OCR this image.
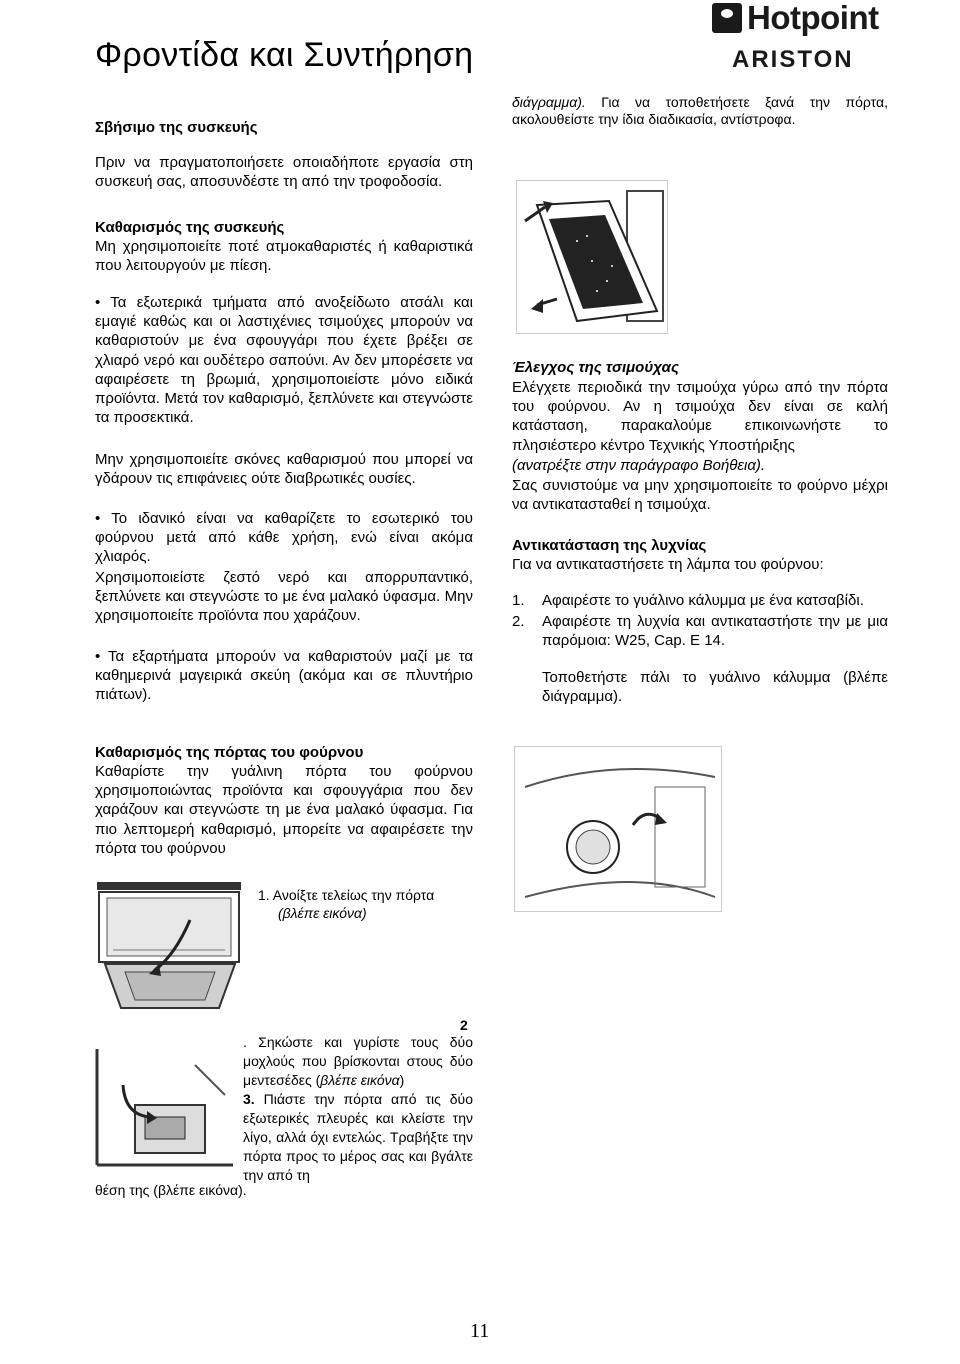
Φροντίδα και Συντήρηση
Hotpoint
ARISTON
Σβήσιμο της συσκευής
Πριν να πραγματοποιήσετε οποιαδήποτε εργασία στη συσκευή σας, αποσυνδέστε τη από την τροφοδοσία.
Καθαρισμός της συσκευής
Μη χρησιμοποιείτε ποτέ ατμοκαθαριστές ή καθαριστικά που λειτουργούν με πίεση.
• Τα εξωτερικά τμήματα από ανοξείδωτο ατσάλι και εμαγιέ καθώς και οι λαστιχένιες τσιμούχες μπορούν να καθαριστούν με ένα σφουγγάρι που έχετε βρέξει σε χλιαρό νερό και ουδέτερο σαπούνι. Αν δεν μπορέσετε να αφαιρέσετε τη βρωμιά, χρησιμοποιείστε μόνο ειδικά προϊόντα. Μετά τον καθαρισμό, ξεπλύνετε και στεγνώστε τα προσεκτικά.
Μην χρησιμοποιείτε σκόνες καθαρισμού που μπορεί να γδάρουν τις επιφάνειες ούτε διαβρωτικές ουσίες.
• Το ιδανικό είναι να καθαρίζετε το εσωτερικό του φούρνου μετά από κάθε χρήση, ενώ είναι ακόμα χλιαρός.
Χρησιμοποιείστε ζεστό νερό και απορρυπαντικό, ξεπλύνετε και στεγνώστε το με ένα μαλακό ύφασμα. Μην χρησιμοποιείτε προϊόντα που χαράζουν.
• Τα εξαρτήματα μπορούν να καθαριστούν μαζί με τα καθημερινά μαγειρικά σκεύη (ακόμα και σε πλυντήριο πιάτων).
Καθαρισμός της πόρτας του φούρνου
Καθαρίστε την γυάλινη πόρτα του φούρνου χρησιμοποιώντας προϊόντα και σφουγγάρια που δεν χαράζουν και στεγνώστε τη με ένα μαλακό ύφασμα. Για πιο λεπτομερή καθαρισμό, μπορείτε να αφαιρέσετε την πόρτα του φούρνου
1. Ανοίξτε τελείως την πόρτα
(βλέπε εικόνα)
2
. Σηκώστε και γυρίστε τους δύο μοχλούς που βρίσκονται στους δύο μεντεσέδες (βλέπε εικόνα)
3. Πιάστε την πόρτα από τις δύο εξωτερικές πλευρές και κλείστε την λίγο, αλλά όχι εντελώς. Τραβήξτε την πόρτα προς το μέρος σας και βγάλτε την από τη
θέση της (βλέπε εικόνα).
διάγραμμα). Για να τοποθετήσετε ξανά την πόρτα, ακολουθείστε την ίδια διαδικασία, αντίστροφα.
Έλεγχος της τσιμούχας
Ελέγχετε περιοδικά την τσιμούχα γύρω από την πόρτα του φούρνου. Αν η τσιμούχα δεν είναι σε καλή κατάσταση, παρακαλούμε επικοινωνήστε το πλησιέστερο κέντρο Τεχνικής Υποστήριξης
(ανατρέξτε στην παράγραφο Βοήθεια).
Σας συνιστούμε να μην χρησιμοποιείτε το φούρνο μέχρι να αντικατασταθεί η τσιμούχα.
Αντικατάσταση της λυχνίας
Για να αντικαταστήσετε τη λάμπα του φούρνου:
1.	Αφαιρέστε το γυάλινο κάλυμμα με ένα κατσαβίδι.
2.	Αφαιρέστε τη λυχνία και αντικαταστήστε την με μια παρόμοια: W25, Cap. E 14.
Τοποθετήστε πάλι το γυάλινο κάλυμμα (βλέπε διάγραμμα).
11
